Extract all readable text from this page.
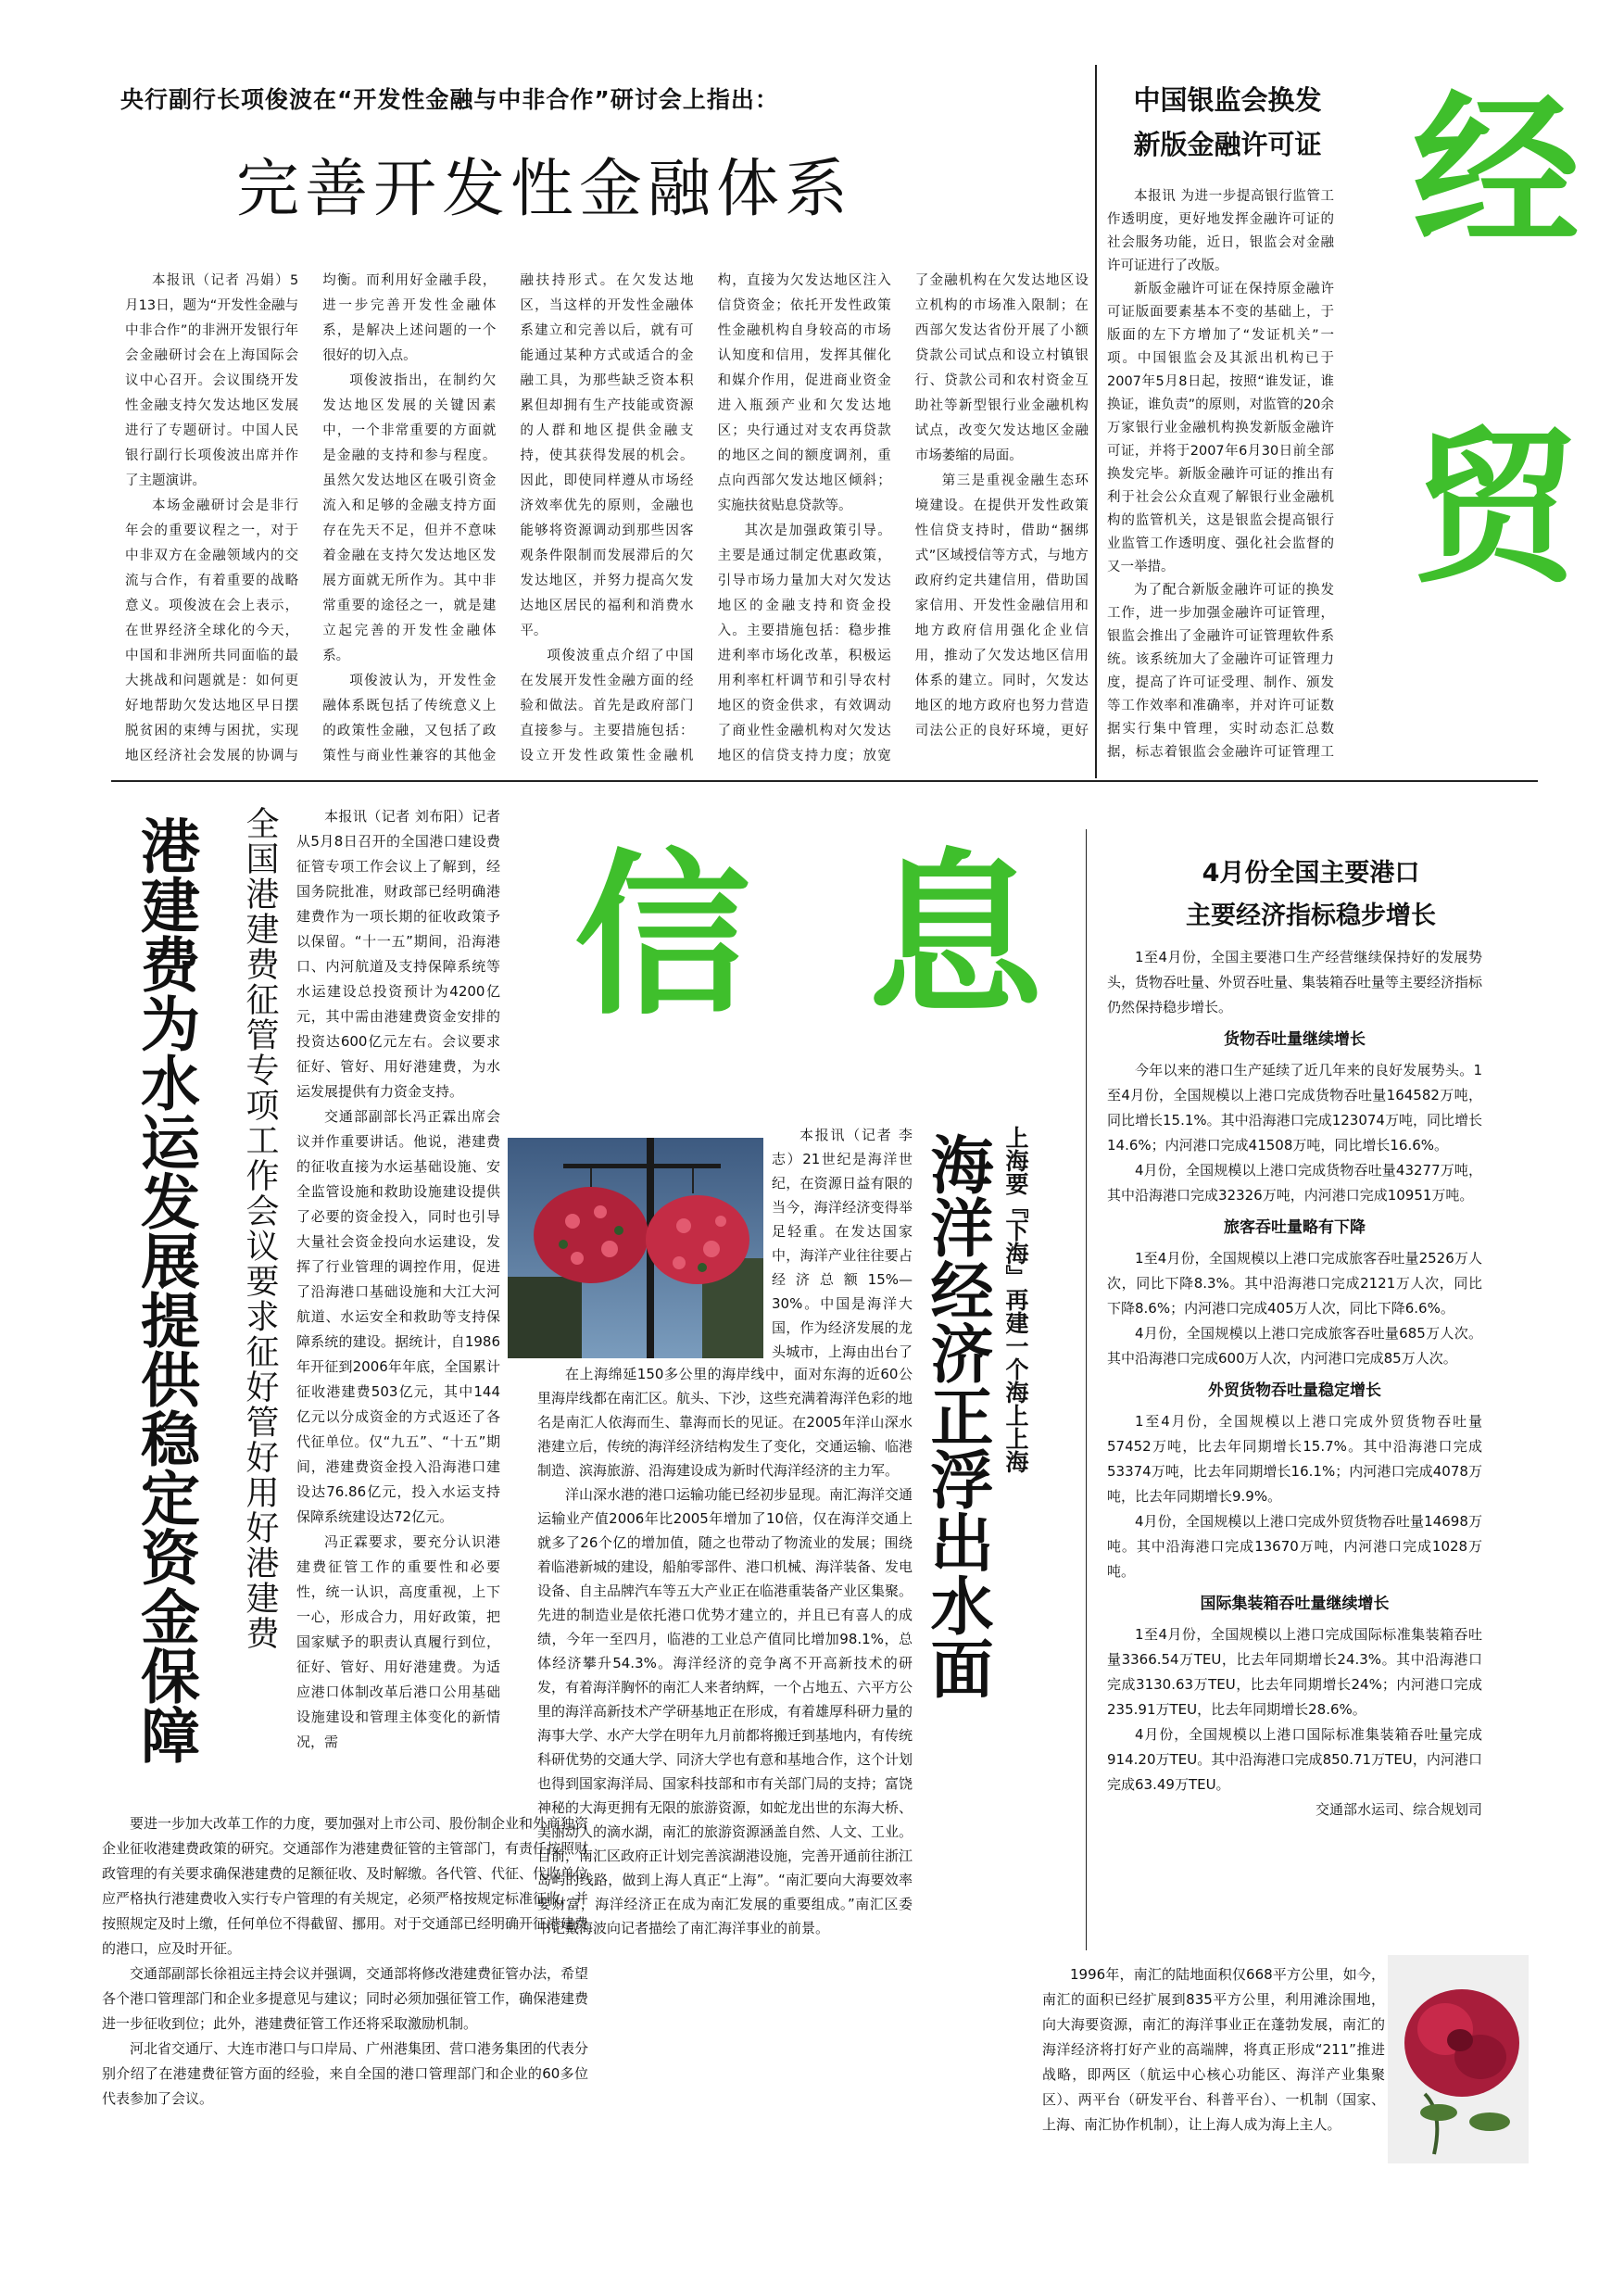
央行副行长项俊波在“开发性金融与中非合作”研讨会上指出：
完善开发性金融体系

本报讯（记者 冯娟）5月13日，题为“开发性金融与中非合作”的非洲开发银行年会金融研讨会在上海国际会议中心召开。会议围绕开发性金融支持欠发达地区发展进行了专题研讨。中国人民银行副行长项俊波出席并作了主题演讲。

本场金融研讨会是非行年会的重要议程之一，对于中非双方在金融领域内的交流与合作，有着重要的战略意义。项俊波在会上表示，在世界经济全球化的今天，中国和非洲所共同面临的最大挑战和问题就是：如何更好地帮助欠发达地区早日摆脱贫困的束缚与困扰，实现地区经济社会发展的协调与均衡。而利用好金融手段，进一步完善开发性金融体系，是解决上述问题的一个很好的切入点。

项俊波指出，在制约欠发达地区发展的关键因素中，一个非常重要的方面就是金融的支持和参与程度。虽然欠发达地区在吸引资金流入和足够的金融支持方面存在先天不足，但并不意味着金融在支持欠发达地区发展方面就无所作为。其中非常重要的途径之一，就是建立起完善的开发性金融体系。

项俊波认为，开发性金融体系既包括了传统意义上的政策性金融，又包括了政策性与商业性兼容的其他金融扶持形式。在欠发达地区，当这样的开发性金融体系建立和完善以后，就有可能通过某种方式或适合的金融工具，为那些缺乏资本积累但却拥有生产技能或资源的人群和地区提供金融支持，使其获得发展的机会。因此，即使同样遵从市场经济效率优先的原则，金融也能够将资源调动到那些因客观条件限制而发展滞后的欠发达地区，并努力提高欠发达地区居民的福利和消费水平。

项俊波重点介绍了中国在发展开发性金融方面的经验和做法。首先是政府部门直接参与。主要措施包括：设立开发性政策性金融机构，直接为欠发达地区注入信贷资金；依托开发性政策性金融机构自身较高的市场认知度和信用，发挥其催化和媒介作用，促进商业资金进入瓶颈产业和欠发达地区；央行通过对支农再贷款的地区之间的额度调剂，重点向西部欠发达地区倾斜；实施扶贫贴息贷款等。

其次是加强政策引导。主要是通过制定优惠政策，引导市场力量加大对欠发达地区的金融支持和资金投入。主要措施包括：稳步推进利率市场化改革，积极运用利率杠杆调节和引导农村地区的资金供求，有效调动了商业性金融机构对欠发达地区的信贷支持力度；放宽了金融机构在欠发达地区设立机构的市场准入限制；在西部欠发达省份开展了小额贷款公司试点和设立村镇银行、贷款公司和农村资金互助社等新型银行业金融机构试点，改变欠发达地区金融市场萎缩的局面。

第三是重视金融生态环境建设。在提供开发性政策性信贷支持时，借助“捆绑式”区域授信等方式，与地方政府约定共建信用，借助国家信用、开发性金融信用和地方政府信用强化企业信用，推动了欠发达地区信用体系的建立。同时，欠发达地区的地方政府也努力营造司法公正的良好环境，更好

中国银监会换发
新版金融许可证

本报讯 为进一步提高银行监管工作透明度，更好地发挥金融许可证的社会服务功能，近日，银监会对金融许可证进行了改版。

新版金融许可证在保持原金融许可证版面要素基本不变的基础上，于版面的左下方增加了“发证机关”一项。中国银监会及其派出机构已于2007年5月8日起，按照“谁发证，谁换证，谁负责”的原则，对监管的20余万家银行业金融机构换发新版金融许可证，并将于2007年6月30日前全部换发完毕。新版金融许可证的推出有利于社会公众直观了解银行业金融机构的监管机关，这是银监会提高银行业监管工作透明度、强化社会监督的又一举措。

为了配合新版金融许可证的换发工作，进一步加强金融许可证管理，银监会推出了金融许可证管理软件系统。该系统加大了金融许可证管理力度，提高了许可证受理、制作、颁发等工作效率和准确率，并对许可证数据实行集中管理，实时动态汇总数据，标志着银监会金融许可证管理工

经 贸
港建费为水运发展提供稳定资金保障 全国港建费征管专项工作会议要求征好管好用好港建费	本报讯（记者 刘布阳）记者从5月8日召开的全国港口建设费征管专项工作会议上了解到，经国务院批准，财政部已经明确港建费作为一项长期的征收政策予以保留。“十一五”期间，沿海港口、内河航道及支持保障系统等水运建设总投资预计为4200亿元，其中需由港建费资金安排的投资达600亿元左右。会议要求征好、管好、用好港建费，为水运发展提供有力资金支持。

交通部副部长冯正霖出席会议并作重要讲话。他说，港建费的征收直接为水运基础设施、安全监管设施和救助设施建设提供了必要的资金投入，同时也引导大量社会资金投向水运建设，发挥了行业管理的调控作用，促进了沿海港口基础设施和大江大河航道、水运安全和救助等支持保障系统的建设。据统计，自1986年开征到2006年年底，全国累计征收港建费503亿元，其中144亿元以分成资金的方式返还了各代征单位。仅“九五”、“十五”期间，港建费资金投入沿海港口建设达76.86亿元，投入水运支持保障系统建设达72亿元。

冯正霖要求，要充分认识港建费征管工作的重要性和必要性，统一认识，高度重视，上下一心，形成合力，用好政策，把国家赋予的职责认真履行到位，征好、管好、用好港建费。为适应港口体制改革后港口公用基础设施建设和管理主体变化的新情况，需

要进一步加大改革工作的力度，要加强对上市公司、股份制企业和外商独资企业征收港建费政策的研究。交通部作为港建费征管的主管部门，有责任按照财政管理的有关要求确保港建费的足额征收、及时解缴。各代管、代征、代收单位应严格执行港建费收入实行专户管理的有关规定，必须严格按规定标准征收，并按照规定及时上缴，任何单位不得截留、挪用。对于交通部已经明确开征港建费的港口，应及时开征。

交通部副部长徐祖远主持会议并强调，交通部将修改港建费征管办法，希望各个港口管理部门和企业多提意见与建议；同时必须加强征管工作，确保港建费进一步征收到位；此外，港建费征管工作还将采取激励机制。

河北省交通厅、大连市港口与口岸局、广州港集团、营口港务集团的代表分别介绍了在港建费征管方面的经验，来自全国的港口管理部门和企业的60多位代表参加了会议。

信 息

本报讯（记者 李志）21世纪是海洋世纪，在资源日益有限的当今，海洋经济变得举足轻重。在发达国家中，海洋产业往往要占经济总额15%—30%。中国是海洋大国，作为经济发展的龙头城市，上海由出台了

在上海绵延150多公里的海岸线中，面对东海的近60公里海岸线都在南汇区。航头、下沙，这些充满着海洋色彩的地名是南汇人依海而生、靠海而长的见证。在2005年洋山深水港建立后，传统的海洋经济结构发生了变化，交通运输、临港制造、滨海旅游、沿海建设成为新时代海洋经济的主力军。

洋山深水港的港口运输功能已经初步显现。南汇海洋交通运输业产值2006年比2005年增加了10倍，仅在海洋交通上就多了26个亿的增加值，随之也带动了物流业的发展；围绕着临港新城的建设，船舶零部件、港口机械、海洋装备、发电设备、自主品牌汽车等五大产业正在临港重装备产业区集聚。先进的制造业是依托港口优势才建立的，并且已有喜人的成绩，今年一至四月，临港的工业总产值同比增加98.1%，总体经济攀升54.3%。海洋经济的竞争离不开高新技术的研发，有着海洋胸怀的南汇人来者纳辉，一个占地五、六平方公里的海洋高新技术产学研基地正在形成，有着雄厚科研力量的海事大学、水产大学在明年九月前都将搬迁到基地内，有传统科研优势的交通大学、同济大学也有意和基地合作，这个计划也得到国家海洋局、国家科技部和市有关部门局的支持；富饶神秘的大海更拥有无限的旅游资源，如蛇龙出世的东海大桥、美丽动人的滴水湖，南汇的旅游资源涵盖自然、人文、工业。目前，南汇区政府正计划完善滨湖港设施，完善开通前往浙江岛屿的线路，做到上海人真正“上海”。“南汇要向大海要效率要财富，海洋经济正在成为南汇发展的重要组成。”南汇区委书记戴海波向记者描绘了南汇海洋事业的前景。

上海要『下海』再建一个海上上海
海洋经济正浮出水面

1996年，南汇的陆地面积仅668平方公里，如今，南汇的面积已经扩展到835平方公里，利用滩涂围地，向大海要资源，南汇的海洋事业正在蓬勃发展，南汇的海洋经济将打好产业的高端牌，将真正形成“211”推进战略，即两区（航运中心核心功能区、海洋产业集聚区）、两平台（研发平台、科普平台）、一机制（国家、上海、南汇协作机制），让上海人成为海上主人。

4月份全国主要港口
主要经济指标稳步增长

1至4月份，全国主要港口生产经营继续保持好的发展势头，货物吞吐量、外贸吞吐量、集装箱吞吐量等主要经济指标仍然保持稳步增长。

货物吞吐量继续增长

今年以来的港口生产延续了近几年来的良好发展势头。1至4月份，全国规模以上港口完成货物吞吐量164582万吨，同比增长15.1%。其中沿海港口完成123074万吨，同比增长14.6%；内河港口完成41508万吨，同比增长16.6%。

4月份，全国规模以上港口完成货物吞吐量43277万吨，其中沿海港口完成32326万吨，内河港口完成10951万吨。

旅客吞吐量略有下降

1至4月份，全国规模以上港口完成旅客吞吐量2526万人次，同比下降8.3%。其中沿海港口完成2121万人次，同比下降8.6%；内河港口完成405万人次，同比下降6.6%。

4月份，全国规模以上港口完成旅客吞吐量685万人次。其中沿海港口完成600万人次，内河港口完成85万人次。

外贸货物吞吐量稳定增长

1至4月份，全国规模以上港口完成外贸货物吞吐量57452万吨，比去年同期增长15.7%。其中沿海港口完成53374万吨，比去年同期增长16.1%；内河港口完成4078万吨，比去年同期增长9.9%。

4月份，全国规模以上港口完成外贸货物吞吐量14698万吨。其中沿海港口完成13670万吨，内河港口完成1028万吨。

国际集装箱吞吐量继续增长

1至4月份，全国规模以上港口完成国际标准集装箱吞吐量3366.54万TEU，比去年同期增长24.3%。其中沿海港口完成3130.63万TEU，比去年同期增长24%；内河港口完成235.91万TEU，比去年同期增长28.6%。

4月份，全国规模以上港口国际标准集装箱吞吐量完成914.20万TEU。其中沿海港口完成850.71万TEU，内河港口完成63.49万TEU。

交通部水运司、综合规划司
